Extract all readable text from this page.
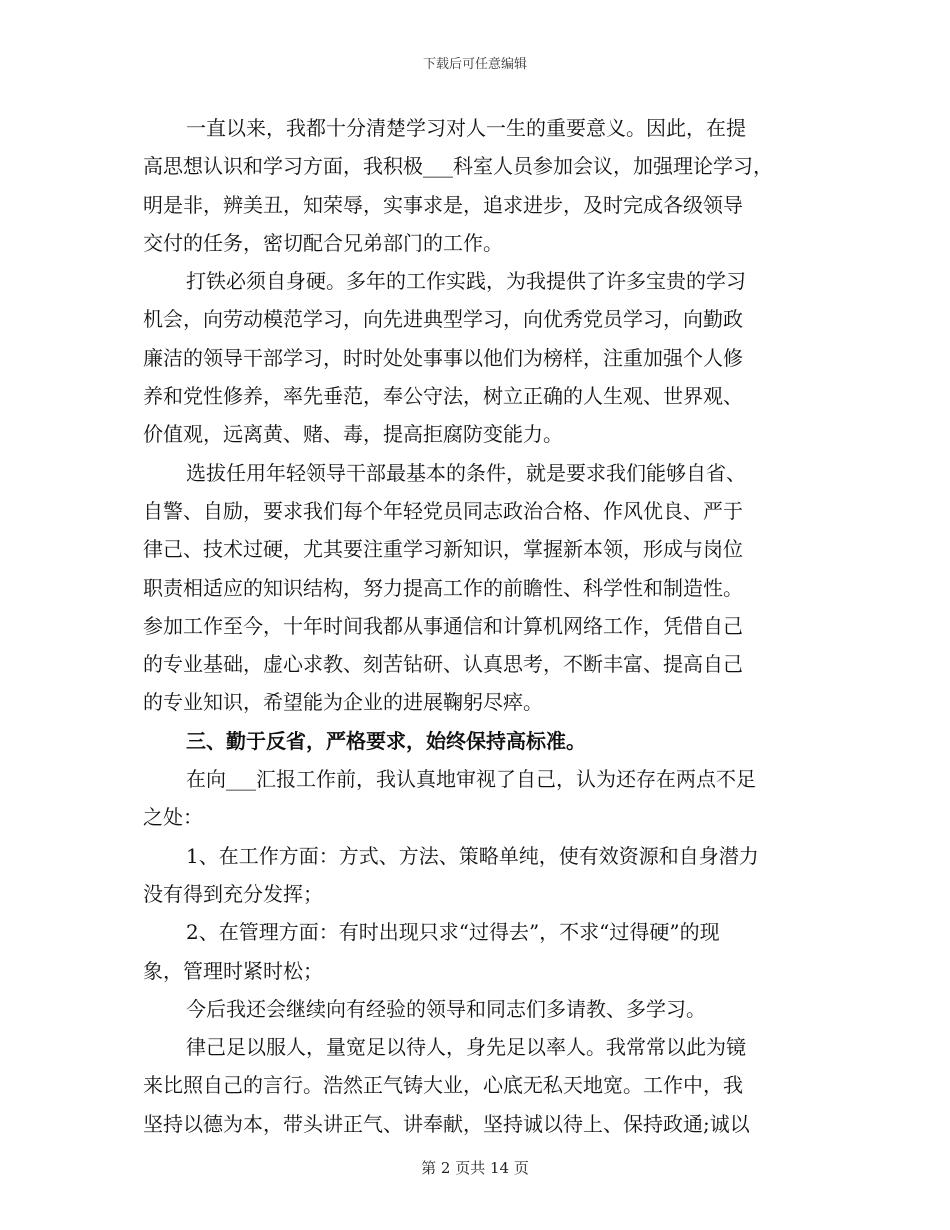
下载后可任意编辑
一直以来，我都十分清楚学习对人一生的重要意义。因此，在提
高思想认识和学习方面，我积极___科室人员参加会议，加强理论学习，
明是非，辨美丑，知荣辱，实事求是，追求进步，及时完成各级领导
交付的任务，密切配合兄弟部门的工作。
打铁必须自身硬。多年的工作实践，为我提供了许多宝贵的学习
机会，向劳动模范学习，向先进典型学习，向优秀党员学习，向勤政
廉洁的领导干部学习，时时处处事事以他们为榜样，注重加强个人修
养和党性修养，率先垂范，奉公守法，树立正确的人生观、世界观、
价值观，远离黄、赌、毒，提高拒腐防变能力。
选拔任用年轻领导干部最基本的条件，就是要求我们能够自省、
自警、自励，要求我们每个年轻党员同志政治合格、作风优良、严于
律己、技术过硬，尤其要注重学习新知识，掌握新本领，形成与岗位
职责相适应的知识结构，努力提高工作的前瞻性、科学性和制造性。
参加工作至今，十年时间我都从事通信和计算机网络工作，凭借自己
的专业基础，虚心求教、刻苦钻研、认真思考，不断丰富、提高自己
的专业知识，希望能为企业的进展鞠躬尽瘁。
三、勤于反省，严格要求，始终保持高标准。
在向___汇报工作前，我认真地审视了自己，认为还存在两点不足
之处：
1、在工作方面：方式、方法、策略单纯，使有效资源和自身潜力
没有得到充分发挥；
2、在管理方面：有时出现只求“过得去”，不求“过得硬”的现
象，管理时紧时松；
今后我还会继续向有经验的领导和同志们多请教、多学习。
律己足以服人，量宽足以待人，身先足以率人。我常常以此为镜
来比照自己的言行。浩然正气铸大业，心底无私天地宽。工作中，我
坚持以德为本，带头讲正气、讲奉献，坚持诚以待上、保持政通;诚以
第 2 页共 14 页
